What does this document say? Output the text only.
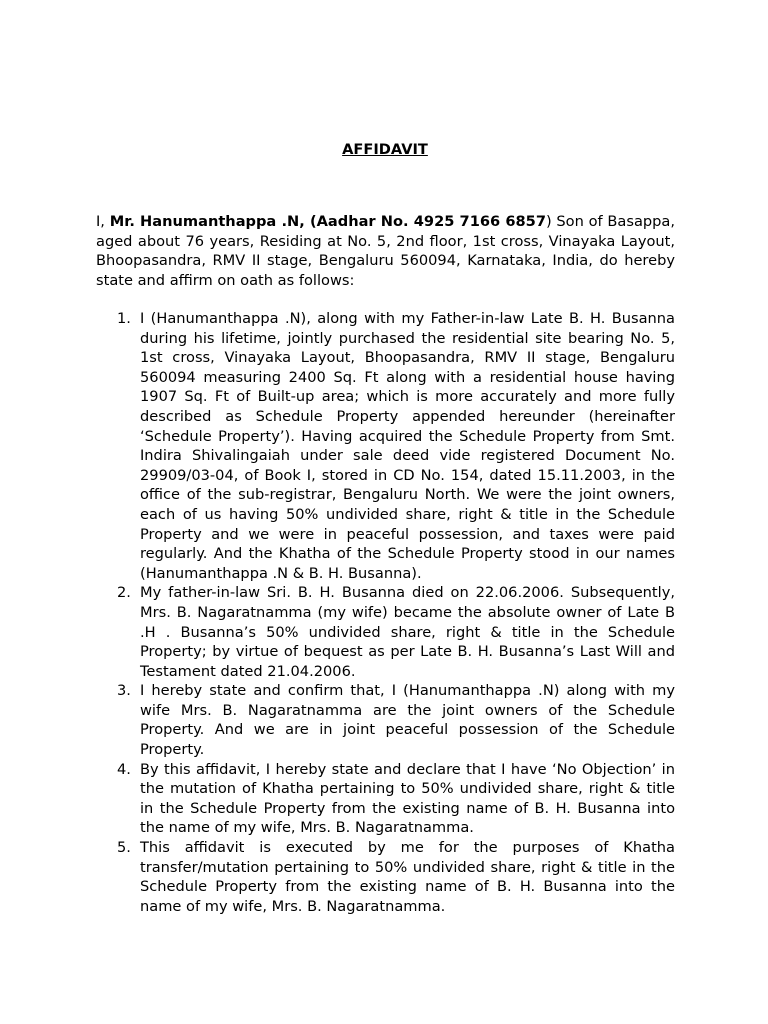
AFFIDAVIT

I, Mr. Hanumanthappa .N, (Aadhar No. 4925 7166 6857) Son of Basappa, aged about 76 years, Residing at No. 5, 2nd floor, 1st cross, Vinayaka Layout, Bhoopasandra, RMV II stage, Bengaluru 560094, Karnataka, India, do hereby state and affirm on oath as follows:

1. I (Hanumanthappa .N), along with my Father-in-law Late B. H. Busanna during his lifetime, jointly purchased the residential site bearing No. 5, 1st cross, Vinayaka Layout, Bhoopasandra, RMV II stage, Bengaluru 560094 measuring 2400 Sq. Ft along with a residential house having 1907 Sq. Ft of Built-up area; which is more accurately and more fully described as Schedule Property appended hereunder (hereinafter ‘Schedule Property’). Having acquired the Schedule Property from Smt. Indira Shivalingaiah under sale deed vide registered Document No. 29909/03-04, of Book I, stored in CD No. 154, dated 15.11.2003, in the office of the sub-registrar, Bengaluru North. We were the joint owners, each of us having 50% undivided share, right & title in the Schedule Property and we were in peaceful possession, and taxes were paid regularly. And the Khatha of the Schedule Property stood in our names (Hanumanthappa .N & B. H. Busanna).
2. My father-in-law Sri. B. H. Busanna died on 22.06.2006. Subsequently, Mrs. B. Nagaratnamma (my wife) became the absolute owner of Late B .H . Busanna’s 50% undivided share, right & title in the Schedule Property; by virtue of bequest as per Late B. H. Busanna’s Last Will and Testament dated 21.04.2006.
3. I hereby state and confirm that, I (Hanumanthappa .N) along with my wife Mrs. B. Nagaratnamma are the joint owners of the Schedule Property. And we are in joint peaceful possession of the Schedule Property.
4. By this affidavit, I hereby state and declare that I have ‘No Objection’ in the mutation of Khatha pertaining to 50% undivided share, right & title in the Schedule Property from the existing name of B. H. Busanna into the name of my wife, Mrs. B. Nagaratnamma.
5. This affidavit is executed by me for the purposes of Khatha transfer/mutation pertaining to 50% undivided share, right & title in the Schedule Property from the existing name of B. H. Busanna into the name of my wife, Mrs. B. Nagaratnamma.
